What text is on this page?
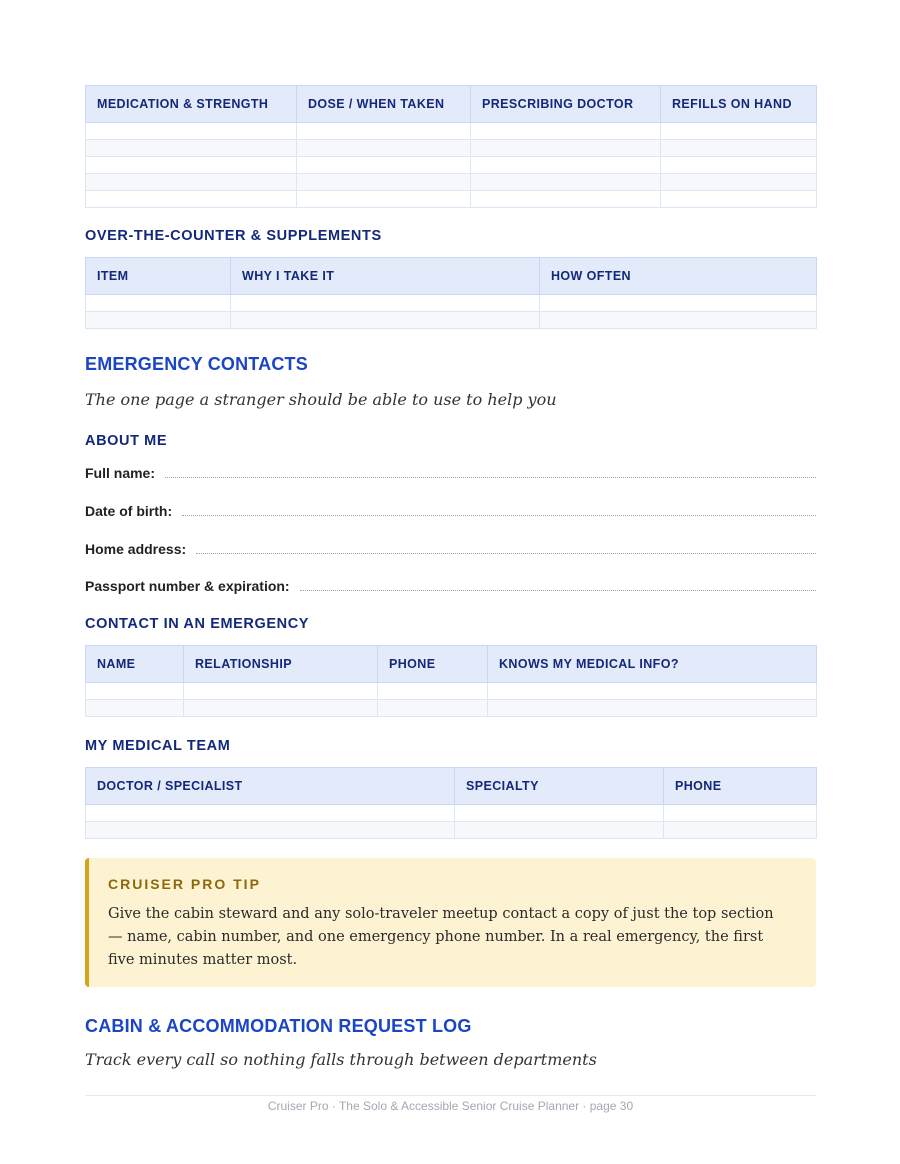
MEDICATION & STRENGTH	DOSE / WHEN TAKEN	PRESCRIBING DOCTOR	REFILLS ON HAND

OVER-THE-COUNTER & SUPPLEMENTS
ITEM	WHY I TAKE IT	HOW OFTEN

EMERGENCY CONTACTS
The one page a stranger should be able to use to help you
ABOUT ME
Full name:
Date of birth:
Home address:
Passport number & expiration:
CONTACT IN AN EMERGENCY
NAME	RELATIONSHIP	PHONE	KNOWS MY MEDICAL INFO?

MY MEDICAL TEAM
DOCTOR / SPECIALIST	SPECIALTY	PHONE

CRUISER PRO TIP
Give the cabin steward and any solo-traveler meetup contact a copy of just the top section — name, cabin number, and one emergency phone number. In a real emergency, the first five minutes matter most.
CABIN & ACCOMMODATION REQUEST LOG
Track every call so nothing falls through between departments
Cruiser Pro · The Solo & Accessible Senior Cruise Planner · page 30
